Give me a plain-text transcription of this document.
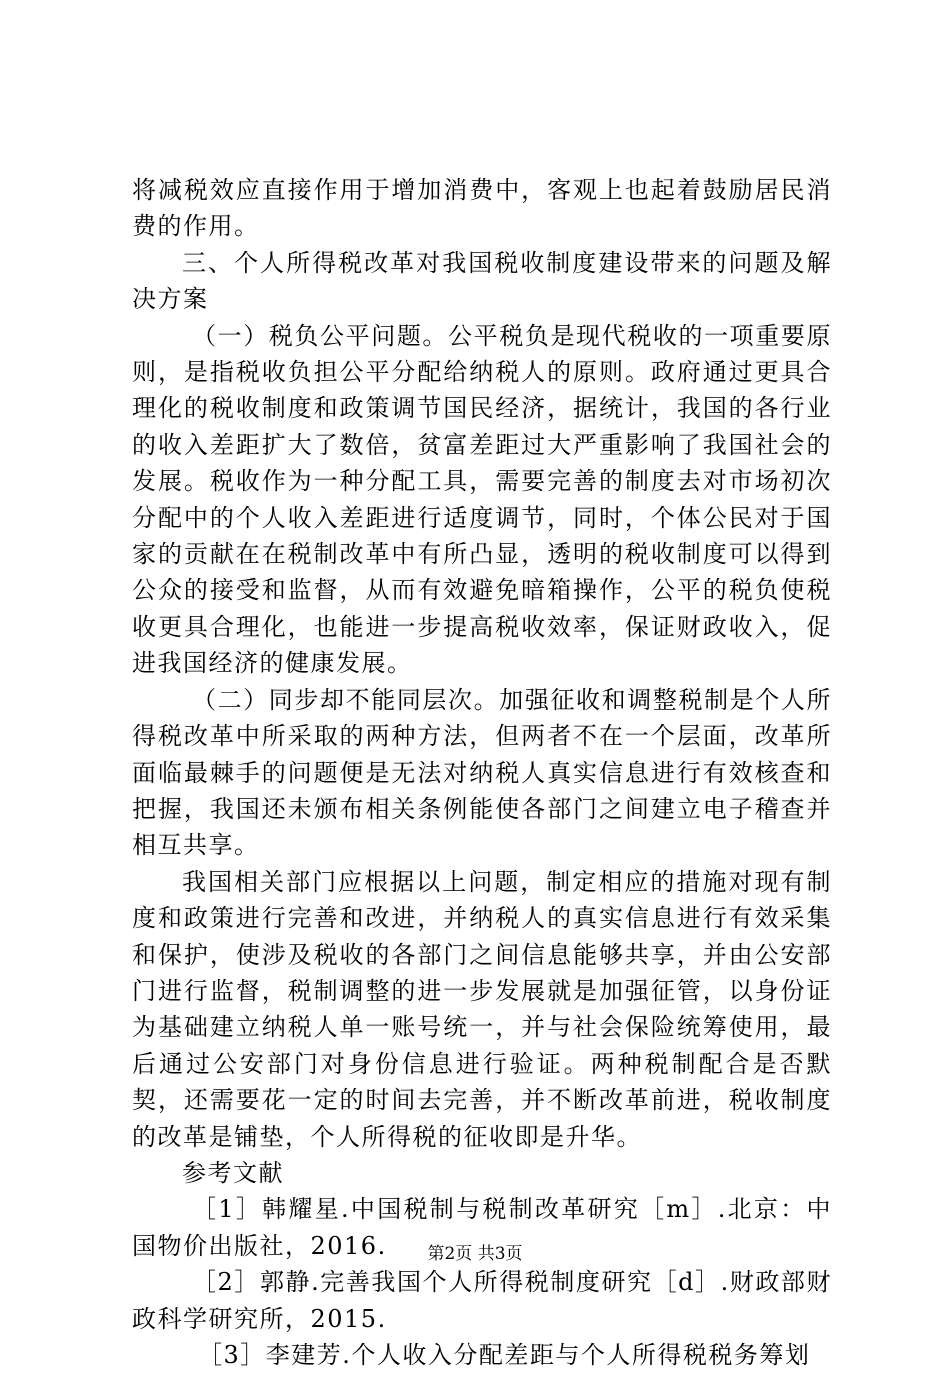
将减税效应直接作用于增加消费中，客观上也起着鼓励居民消费的作用。

三、个人所得税改革对我国税收制度建设带来的问题及解决方案

（一）税负公平问题。公平税负是现代税收的一项重要原则，是指税收负担公平分配给纳税人的原则。政府通过更具合理化的税收制度和政策调节国民经济，据统计，我国的各行业的收入差距扩大了数倍，贫富差距过大严重影响了我国社会的发展。税收作为一种分配工具，需要完善的制度去对市场初次分配中的个人收入差距进行适度调节，同时，个体公民对于国家的贡献在在税制改革中有所凸显，透明的税收制度可以得到公众的接受和监督，从而有效避免暗箱操作，公平的税负使税收更具合理化，也能进一步提高税收效率，保证财政收入，促进我国经济的健康发展。

（二）同步却不能同层次。加强征收和调整税制是个人所得税改革中所采取的两种方法，但两者不在一个层面，改革所面临最棘手的问题便是无法对纳税人真实信息进行有效核查和把握，我国还未颁布相关条例能使各部门之间建立电子稽查并相互共享。

我国相关部门应根据以上问题，制定相应的措施对现有制度和政策进行完善和改进，并纳税人的真实信息进行有效采集和保护，使涉及税收的各部门之间信息能够共享，并由公安部门进行监督，税制调整的进一步发展就是加强征管，以身份证为基础建立纳税人单一账号统一，并与社会保险统筹使用，最后通过公安部门对身份信息进行验证。两种税制配合是否默契，还需要花一定的时间去完善，并不断改革前进，税收制度的改革是铺垫，个人所得税的征收即是升华。

参考文献

［1］韩耀星.中国税制与税制改革研究［m］.北京：中国物价出版社，2016.

［2］郭静.完善我国个人所得税制度研究［d］.财政部财政科学研究所，2015.

［3］李建芳.个人收入分配差距与个人所得税税务筹划

第2页 共3页
